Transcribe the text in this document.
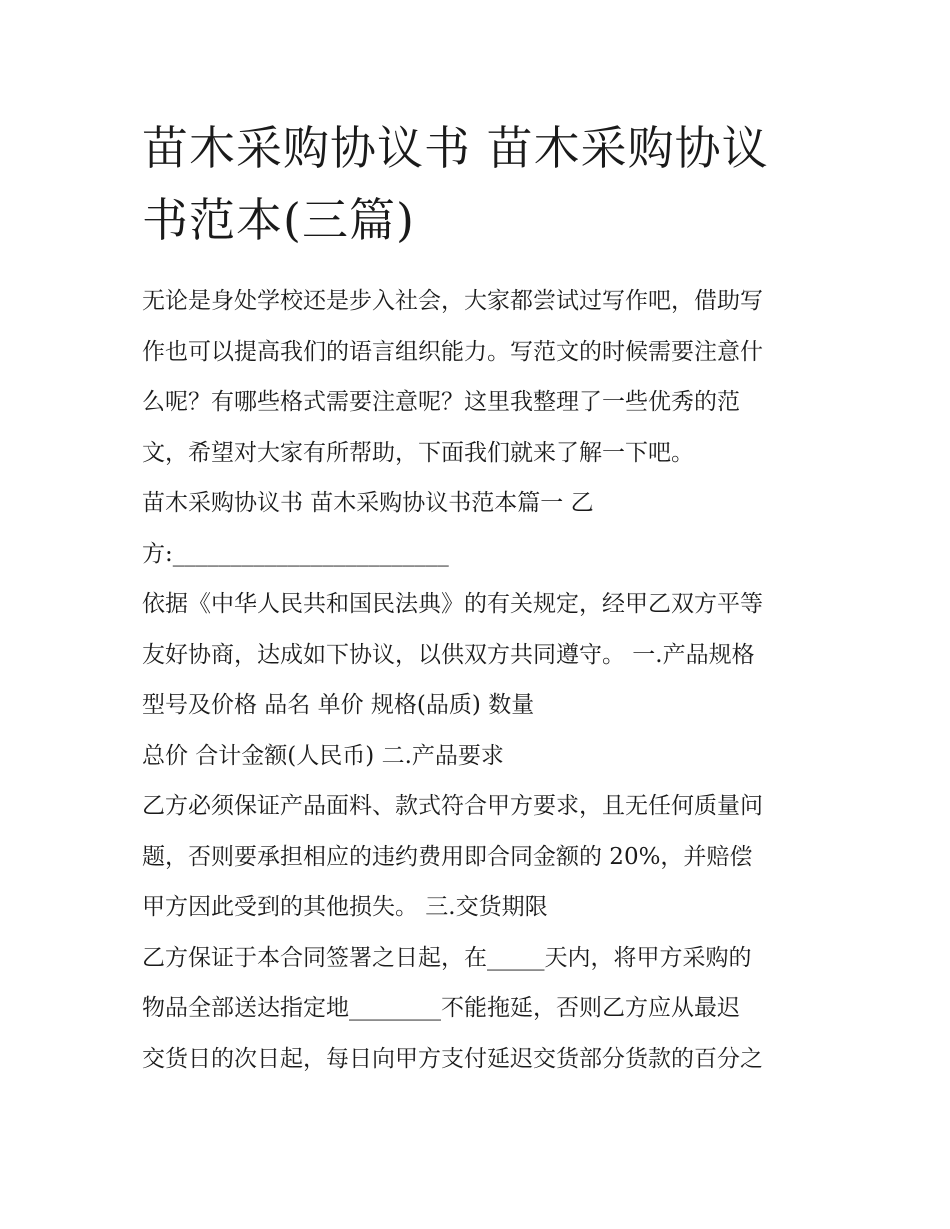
苗木采购协议书 苗木采购协议
书范本(三篇)

无论是身处学校还是步入社会，大家都尝试过写作吧，借助写

作也可以提高我们的语言组织能力。写范文的时候需要注意什

么呢？有哪些格式需要注意呢？这里我整理了一些优秀的范

文，希望对大家有所帮助，下面我们就来了解一下吧。

苗木采购协议书 苗木采购协议书范本篇一 乙

方:________________________

依据《中华人民共和国民法典》的有关规定，经甲乙双方平等

友好协商，达成如下协议，以供双方共同遵守。 一.产品规格

型号及价格 品名 单价 规格(品质) 数量

总价 合计金额(人民币) 二.产品要求

乙方必须保证产品面料、款式符合甲方要求，且无任何质量问

题，否则要承担相应的违约费用即合同金额的 20%，并赔偿

甲方因此受到的其他损失。 三.交货期限

乙方保证于本合同签署之日起，在_____天内，将甲方采购的

物品全部送达指定地________不能拖延，否则乙方应从最迟

交货日的次日起，每日向甲方支付延迟交货部分货款的百分之
